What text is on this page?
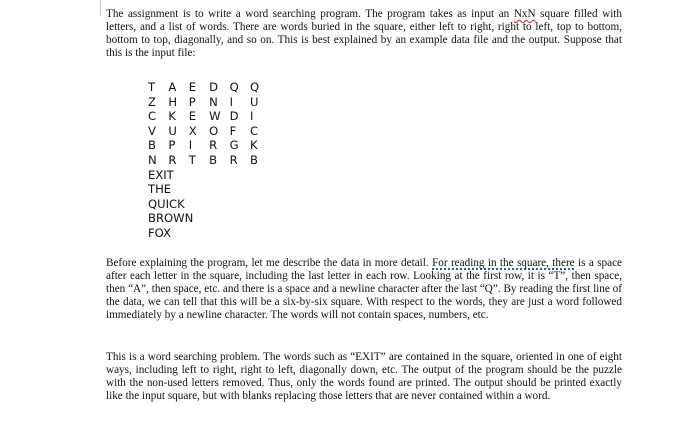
The assignment is to write a word searching program. The program takes as input an NxN square filled with letters, and a list of words. There are words buried in the square, either left to right, right to left, top to bottom, bottom to top, diagonally, and so on. This is best explained by an example data file and the output. Suppose that this is the input file:

T A E D Q Q
Z H P N I U
C K E W D I
V U X O F C
B P I R G K
N R T B R B
EXIT
THE
QUICK
BROWN
FOX

Before explaining the program, let me describe the data in more detail. For reading in the square, there is a space after each letter in the square, including the last letter in each row. Looking at the first row, it is “T”, then space, then “A”, then space, etc. and there is a space and a newline character after the last “Q”. By reading the first line of the data, we can tell that this will be a six-by-six square. With respect to the words, they are just a word followed immediately by a newline character. The words will not contain spaces, numbers, etc.

This is a word searching problem. The words such as “EXIT” are contained in the square, oriented in one of eight ways, including left to right, right to left, diagonally down, etc. The output of the program should be the puzzle with the non-used letters removed. Thus, only the words found are printed. The output should be printed exactly like the input square, but with blanks replacing those letters that are never contained within a word.
